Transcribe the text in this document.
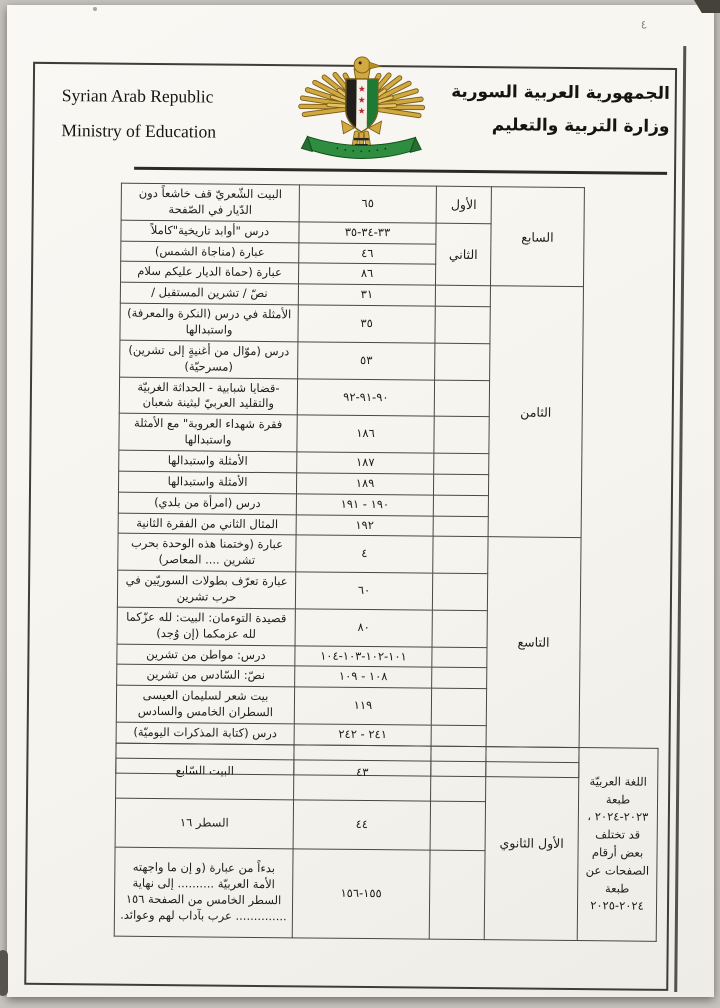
Syrian Arab Republic
Ministry of Education
الجمهورية العربية السورية
وزارة التربية والتعليم
السابع	الأول	٦٥	البيت الشّعريّ قف خاشعاً دون الدّيار في الصّفحة
	الثاني	٣٣-٣٤-٣٥	درس "أوابد تاريخية"كاملاً
		٤٦	عبارة (مناجاة الشمس)
		٨٦	عبارة (حماة الديار عليكم سلام
الثامن		٣١	نصّ / تشرين المستقبل /
		٣٥	الأمثلة في درس (النكرة والمعرفة) واستبدالها
		٥٣	درس (موّال من أغنيةٍ إلى تشرين) (مسرحيّة)
		٩٠-٩١-٩٢	-قضايا شبابية - الحداثة الغربيّة والتقليد العربيّ لبثينة شعبان
		١٨٦	فقرة شهداء العروبة" مع الأمثلة واستبدالها
		١٨٧	الأمثلة واستبدالها
		١٨٩	الأمثلة واستبدالها
		١٩٠ - ١٩١	درس (امرأة من بلدي)
		١٩٢	المثال الثاني من الفقرة الثانية
التاسع		٤	عبارة (وختمنا هذه الوحدة بحرب تشرين .... المعاصر)
		٦٠	عبارة تعرّف بطولات السوريّين في حرب تشرين
		٨٠	قصيدة التوءمان: البيت: لله عزّكما لله عزمكما (إن وُجد)
		١٠١-١٠٢-١٠٣-١٠٤	درس: مواطن من تشرين
		١٠٨ - ١٠٩	نصّ: السّادس من تشرين
		١١٩	بيت شعر لسليمان العيسى السطران الخامس والسادس
		٢٤١ - ٢٤٢	درس (كتابة المذكرات اليوميّة)

اللغة العربيّة طبعة ٢٠٢٣-٢٠٢٤ ، قد تختلف بعض أرقام الصفحات عن طبعة ٢٠٢٤-٢٠٢٥	الأول الثانوي		٤٣	البيت السّابع
			٤٤	السطر ١٦
			١٥٥-١٥٦	بدءاً من عبارة (و إن ما واجهته الأمة العربيّة .......... إلى نهاية السطر الخامس من الصفحة ١٥٦ .............. عرب بآداب لهم وعوائد.
٤
